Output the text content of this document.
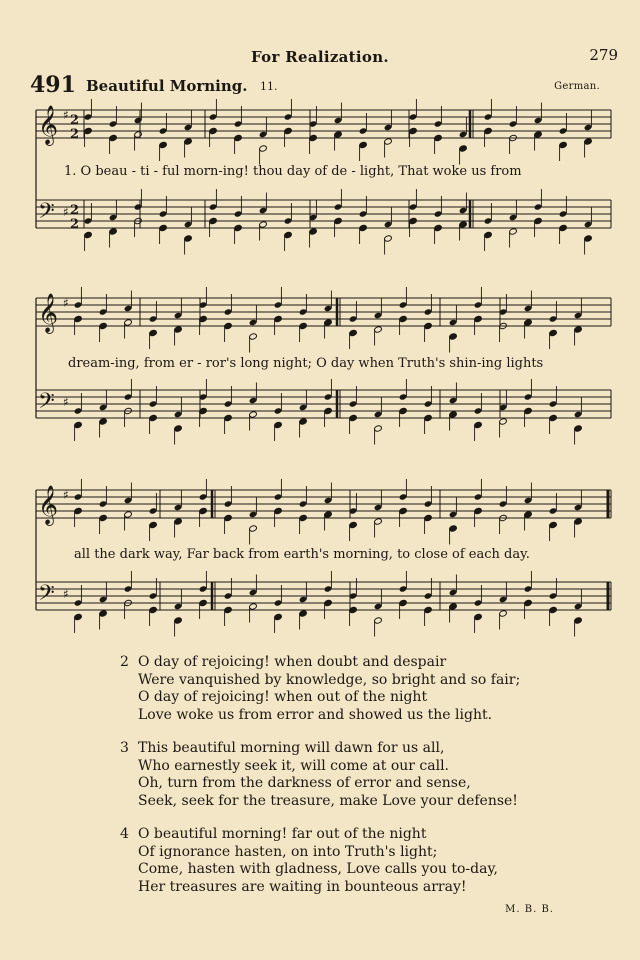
For Realization.	279
491 Beautiful Morning. 11.	German.
𝄞 ♯ 2
2
𝄢 ♯ 2
2
𝄞 ♯
𝄢 ♯
𝄞 ♯
𝄢 ♯
1. O beau - ti - ful morn-ing! thou day of de - light, That woke us from
dream-ing, from er - ror's long night; O day when Truth's shin-ing lights
all the dark way, Far back from earth's morning, to close of each day.
2 O day of rejoicing! when doubt and despair
Were vanquished by knowledge, so bright and so fair;
O day of rejoicing! when out of the night
Love woke us from error and showed us the light.
3 This beautiful morning will dawn for us all,
Who earnestly seek it, will come at our call.
Oh, turn from the darkness of error and sense,
Seek, seek for the treasure, make Love your defense!
4 O beautiful morning! far out of the night
Of ignorance hasten, on into Truth's light;
Come, hasten with gladness, Love calls you to-day,
Her treasures are waiting in bounteous array!
M. B. B.
